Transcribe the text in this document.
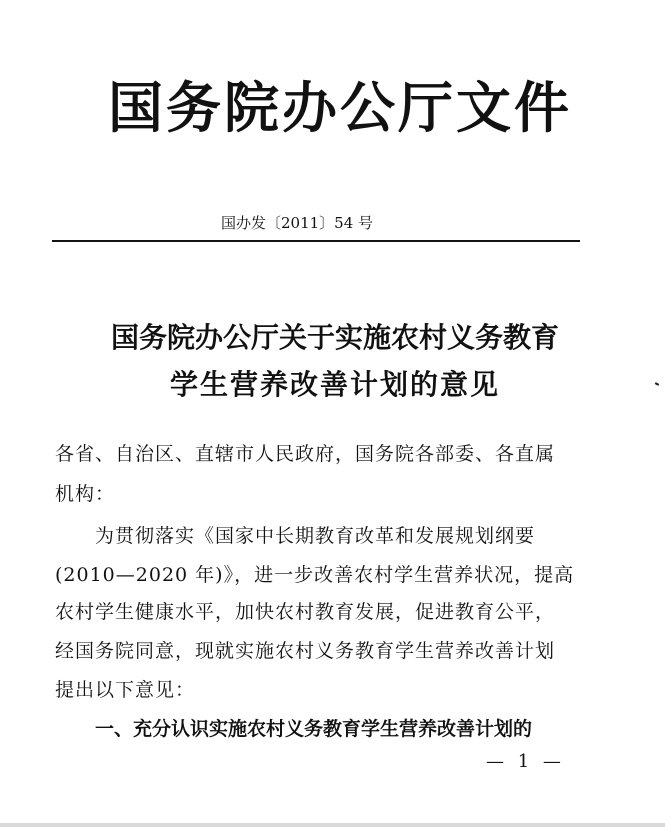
国务院办公厅文件
国办发〔2011〕54 号
国务院办公厅关于实施农村义务教育
学生营养改善计划的意见
各省、自治区、直辖市人民政府，国务院各部委、各直属
机构：
　　为贯彻落实《国家中长期教育改革和发展规划纲要
(2010—2020 年)》，进一步改善农村学生营养状况，提高
农村学生健康水平，加快农村教育发展，促进教育公平，
经国务院同意，现就实施农村义务教育学生营养改善计划
提出以下意见：
一、充分认识实施农村义务教育学生营养改善计划的
— 1 —
